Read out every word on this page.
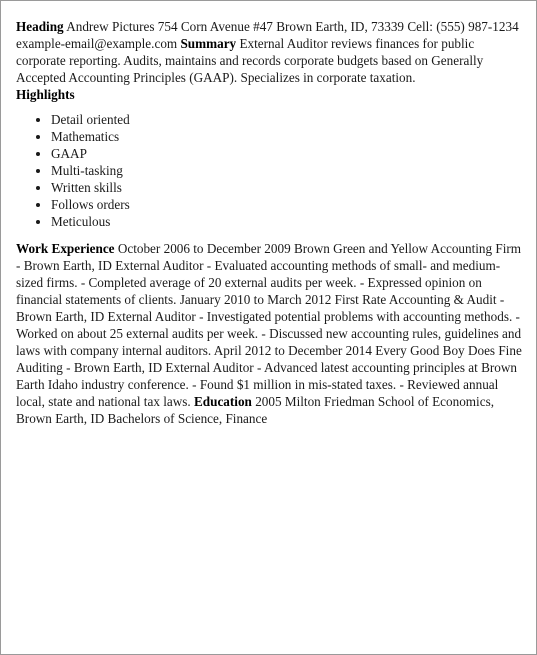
Heading Andrew Pictures 754 Corn Avenue #47 Brown Earth, ID, 73339 Cell: (555) 987-1234 example-email@example.com Summary External Auditor reviews finances for public corporate reporting. Audits, maintains and records corporate budgets based on Generally Accepted Accounting Principles (GAAP). Specializes in corporate taxation.
Highlights

• Detail oriented
• Mathematics
• GAAP
• Multi-tasking
• Written skills
• Follows orders
• Meticulous

Work Experience October 2006 to December 2009 Brown Green and Yellow Accounting Firm - Brown Earth, ID External Auditor - Evaluated accounting methods of small- and medium-sized firms. - Completed average of 20 external audits per week. - Expressed opinion on financial statements of clients. January 2010 to March 2012 First Rate Accounting & Audit - Brown Earth, ID External Auditor - Investigated potential problems with accounting methods. - Worked on about 25 external audits per week. - Discussed new accounting rules, guidelines and laws with company internal auditors. April 2012 to December 2014 Every Good Boy Does Fine Auditing - Brown Earth, ID External Auditor - Advanced latest accounting principles at Brown Earth Idaho industry conference. - Found $1 million in mis-stated taxes. - Reviewed annual local, state and national tax laws. Education 2005 Milton Friedman School of Economics, Brown Earth, ID Bachelors of Science, Finance
